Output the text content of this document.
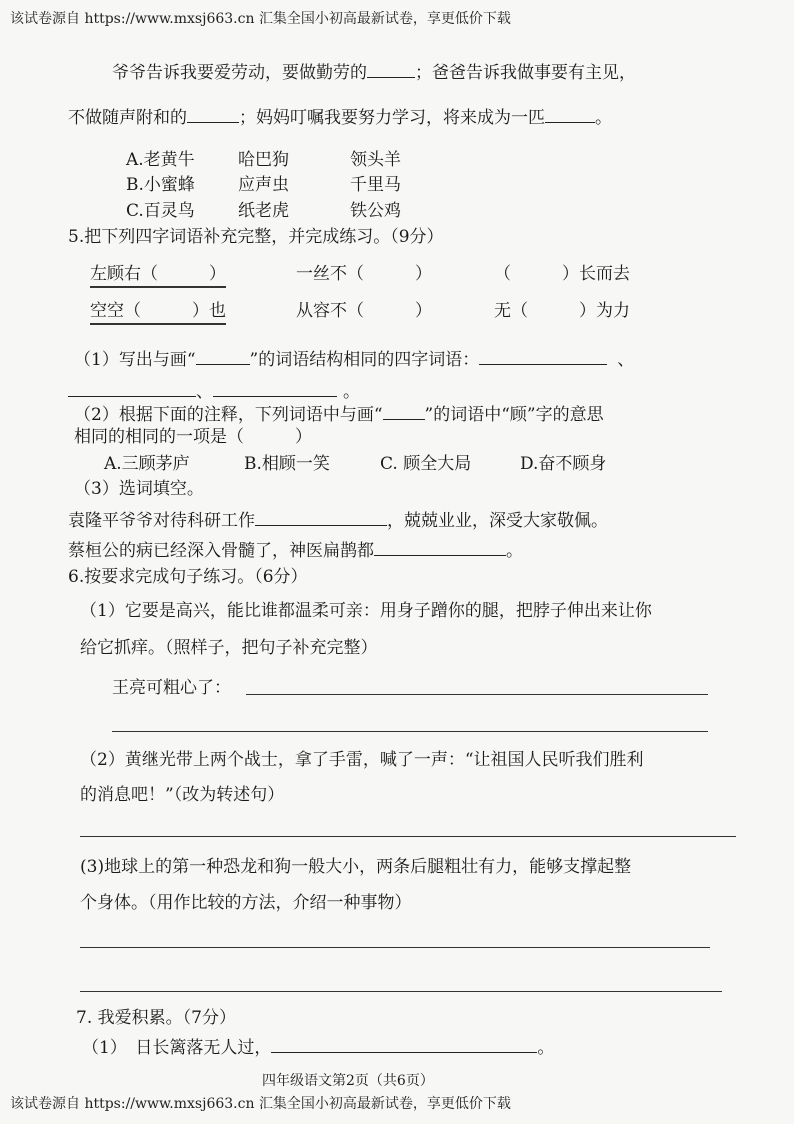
该试卷源自 https://www.mxsj663.cn 汇集全国小初高最新试卷，享更低价下载
爷爷告诉我要爱劳动，要做勤劳的	；爸爸告诉我做事要有主见，
不做随声附和的	；妈妈叮嘱我要努力学习，将来成为一匹	。
A.老黄牛	哈巴狗	领头羊
B.小蜜蜂	应声虫	千里马
C.百灵鸟	纸老虎	铁公鸡
5.把下列四字词语补充完整，并完成练习。（9分）
左顾右（　　　）	一丝不（　　　）	（　　　）长而去
空空（　　　）也	从容不（　　　）	无（　　　）为力
（1）写出与画“	”的词语结构相同的四字词语：	、
、	。
（2）根据下面的注释，下列词语中与画“ ”的词语中“顾”字的意思
相同的相同的一项是（　　　）
A.三顾茅庐	B.相顾一笑	C. 顾全大局	D.奋不顾身
（3）选词填空。
袁隆平爷爷对待科研工作	，兢兢业业，深受大家敬佩。
蔡桓公的病已经深入骨髓了，神医扁鹊都	。
6.按要求完成句子练习。（6分）
（1）它要是高兴，能比谁都温柔可亲：用身子蹭你的腿，把脖子伸出来让你
给它抓痒。（照样子，把句子补充完整）
王亮可粗心了：
（2）黄继光带上两个战士，拿了手雷，喊了一声：“让祖国人民听我们胜利
的消息吧！”（改为转述句）
(3)地球上的第一种恐龙和狗一般大小，两条后腿粗壮有力，能够支撑起整
个身体。（用作比较的方法，介绍一种事物）
7. 我爱积累。（7分）
（1）　日长篱落无人过，	。
四年级语文第2页（共6页）
该试卷源自 https://www.mxsj663.cn 汇集全国小初高最新试卷，享更低价下载
